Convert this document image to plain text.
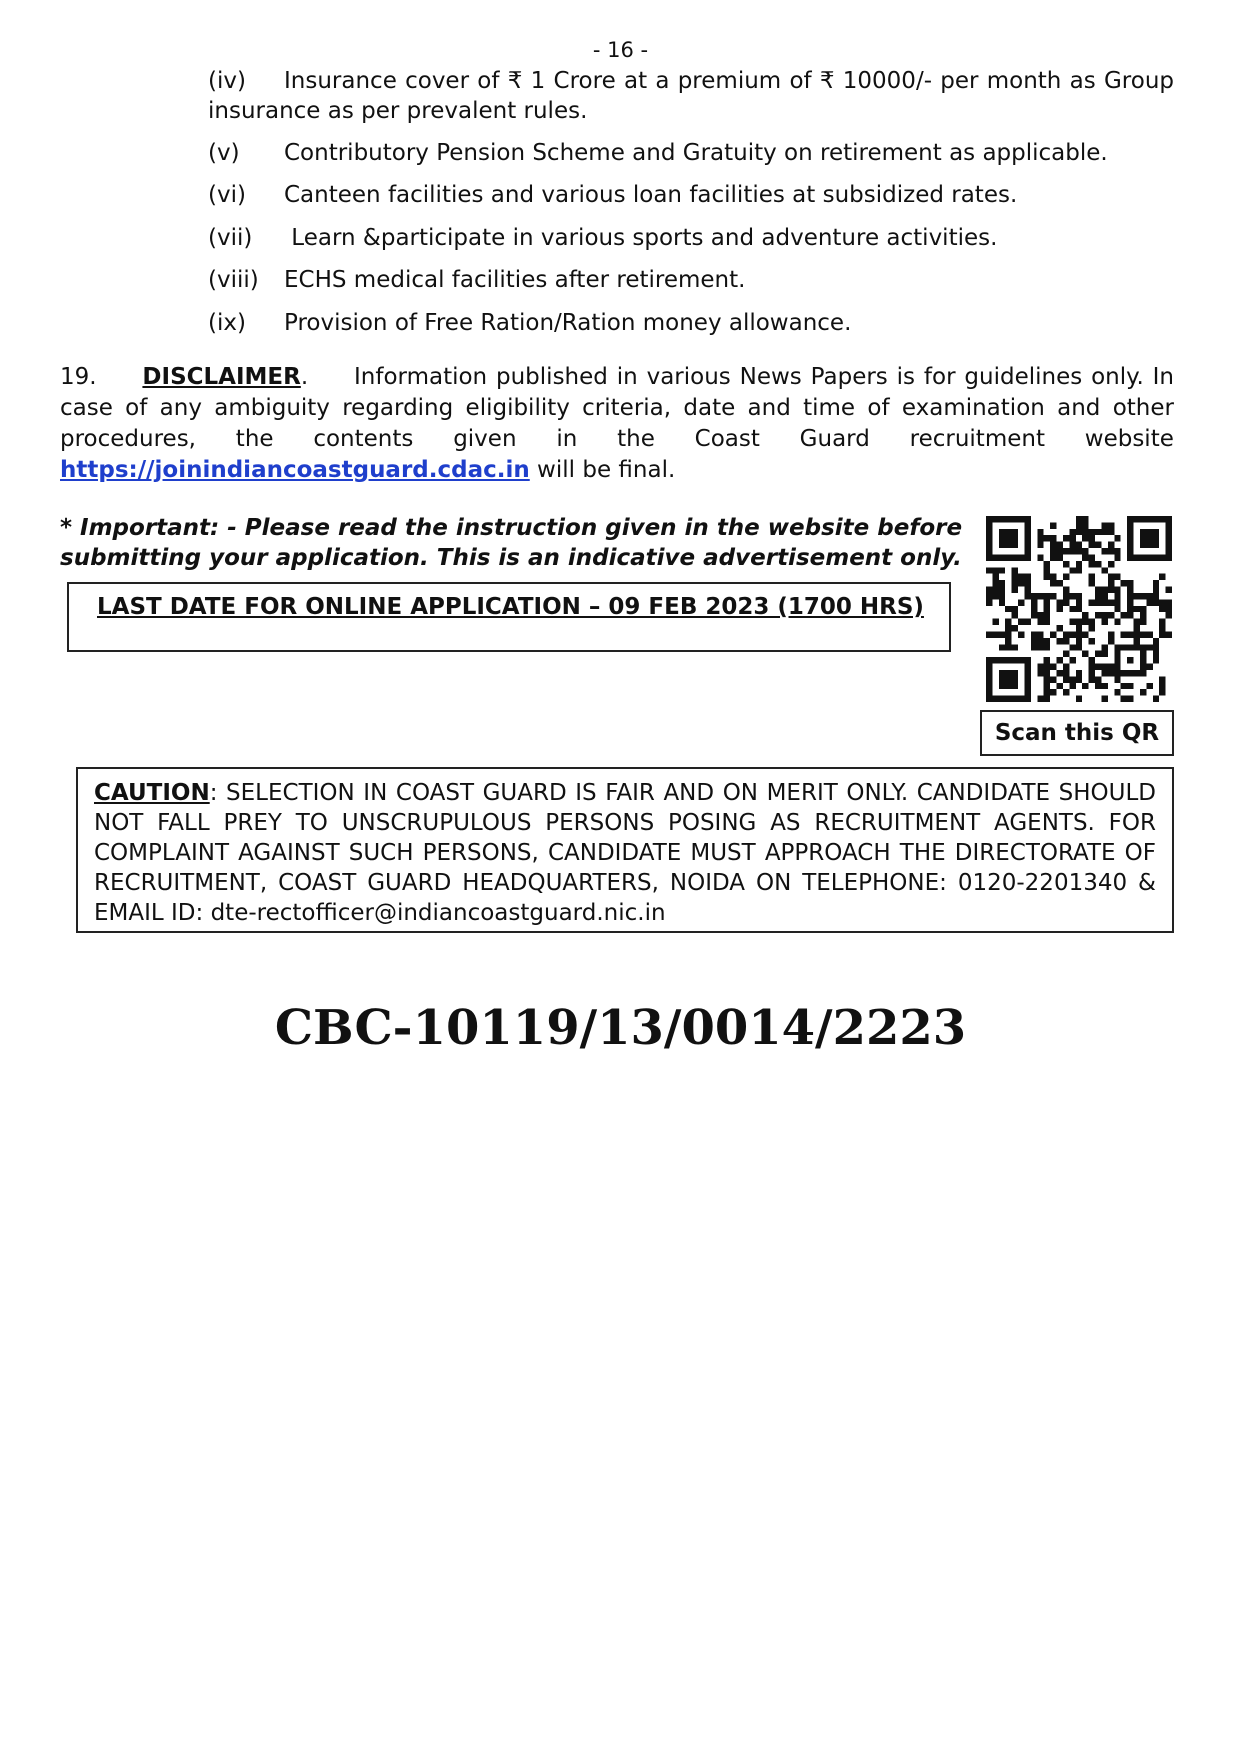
- 16 -
(iv)	Insurance cover of ₹ 1 Crore at a premium of ₹ 10000/- per month as Group
insurance as per prevalent rules.
(v)	Contributory Pension Scheme and Gratuity on retirement as applicable.
(vi)	Canteen facilities and various loan facilities at subsidized rates.
(vii)	Learn &participate in various sports and adventure activities.
(viii)	ECHS medical facilities after retirement.
(ix)	Provision of Free Ration/Ration money allowance.
19. DISCLAIMER. Information published in various News Papers is for guidelines only. In
case of any ambiguity regarding eligibility criteria, date and time of examination and other
procedures, the contents given in the Coast Guard recruitment website
https://joinindiancoastguard.cdac.in will be final.
* Important: - Please read the instruction given in the website before submitting your application. This is an indicative advertisement only.
LAST DATE FOR ONLINE APPLICATION – 09 FEB 2023 (1700 HRS)
Scan this QR
CAUTION: SELECTION IN COAST GUARD IS FAIR AND ON MERIT ONLY. CANDIDATE SHOULD NOT FALL PREY TO UNSCRUPULOUS PERSONS POSING AS RECRUITMENT AGENTS. FOR COMPLAINT AGAINST SUCH PERSONS, CANDIDATE MUST APPROACH THE DIRECTORATE OF RECRUITMENT, COAST GUARD HEADQUARTERS, NOIDA ON TELEPHONE: 0120-2201340 & EMAIL ID: dte-rectofficer@indiancoastguard.nic.in
CBC-10119/13/0014/2223
